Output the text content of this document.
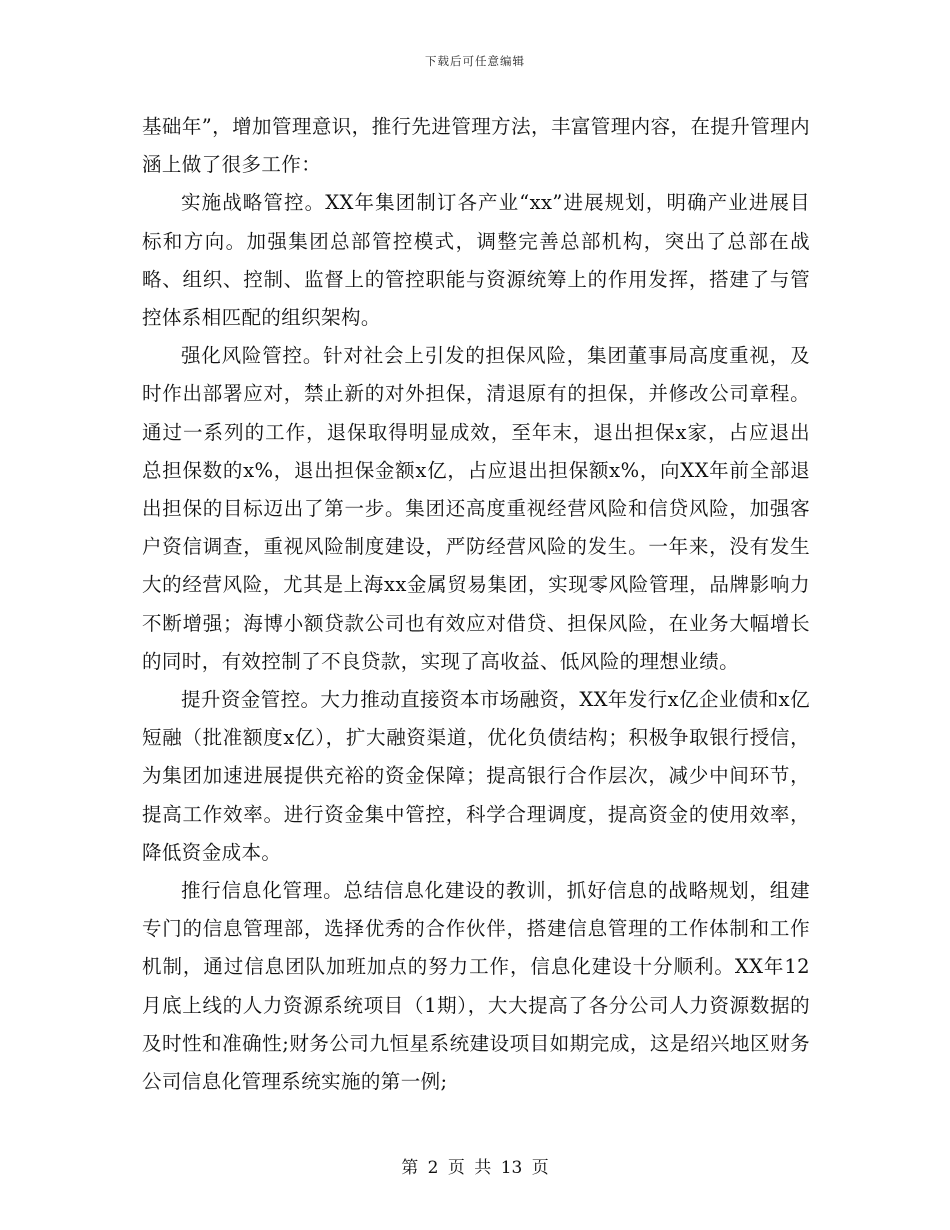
下载后可任意编辑

基础年”，增加管理意识，推行先进管理方法，丰富管理内容，在提升管理内涵上做了很多工作：

实施战略管控。XX年集团制订各产业“xx”进展规划，明确产业进展目标和方向。加强集团总部管控模式，调整完善总部机构，突出了总部在战略、组织、控制、监督上的管控职能与资源统筹上的作用发挥，搭建了与管控体系相匹配的组织架构。

强化风险管控。针对社会上引发的担保风险，集团董事局高度重视，及时作出部署应对，禁止新的对外担保，清退原有的担保，并修改公司章程。通过一系列的工作，退保取得明显成效，至年末，退出担保x家，占应退出总担保数的x%，退出担保金额x亿，占应退出担保额x%，向XX年前全部退出担保的目标迈出了第一步。集团还高度重视经营风险和信贷风险，加强客户资信调查，重视风险制度建设，严防经营风险的发生。一年来，没有发生大的经营风险，尤其是上海xx金属贸易集团，实现零风险管理，品牌影响力不断增强；海博小额贷款公司也有效应对借贷、担保风险，在业务大幅增长的同时，有效控制了不良贷款，实现了高收益、低风险的理想业绩。

提升资金管控。大力推动直接资本市场融资，XX年发行x亿企业债和x亿短融（批准额度x亿），扩大融资渠道，优化负债结构；积极争取银行授信，为集团加速进展提供充裕的资金保障；提高银行合作层次，减少中间环节，提高工作效率。进行资金集中管控，科学合理调度，提高资金的使用效率，降低资金成本。

推行信息化管理。总结信息化建设的教训，抓好信息的战略规划，组建专门的信息管理部，选择优秀的合作伙伴，搭建信息管理的工作体制和工作机制，通过信息团队加班加点的努力工作，信息化建设十分顺利。XX年12月底上线的人力资源系统项目（1期），大大提高了各分公司人力资源数据的及时性和准确性;财务公司九恒星系统建设项目如期完成，这是绍兴地区财务公司信息化管理系统实施的第一例;

第 2 页 共 13 页
